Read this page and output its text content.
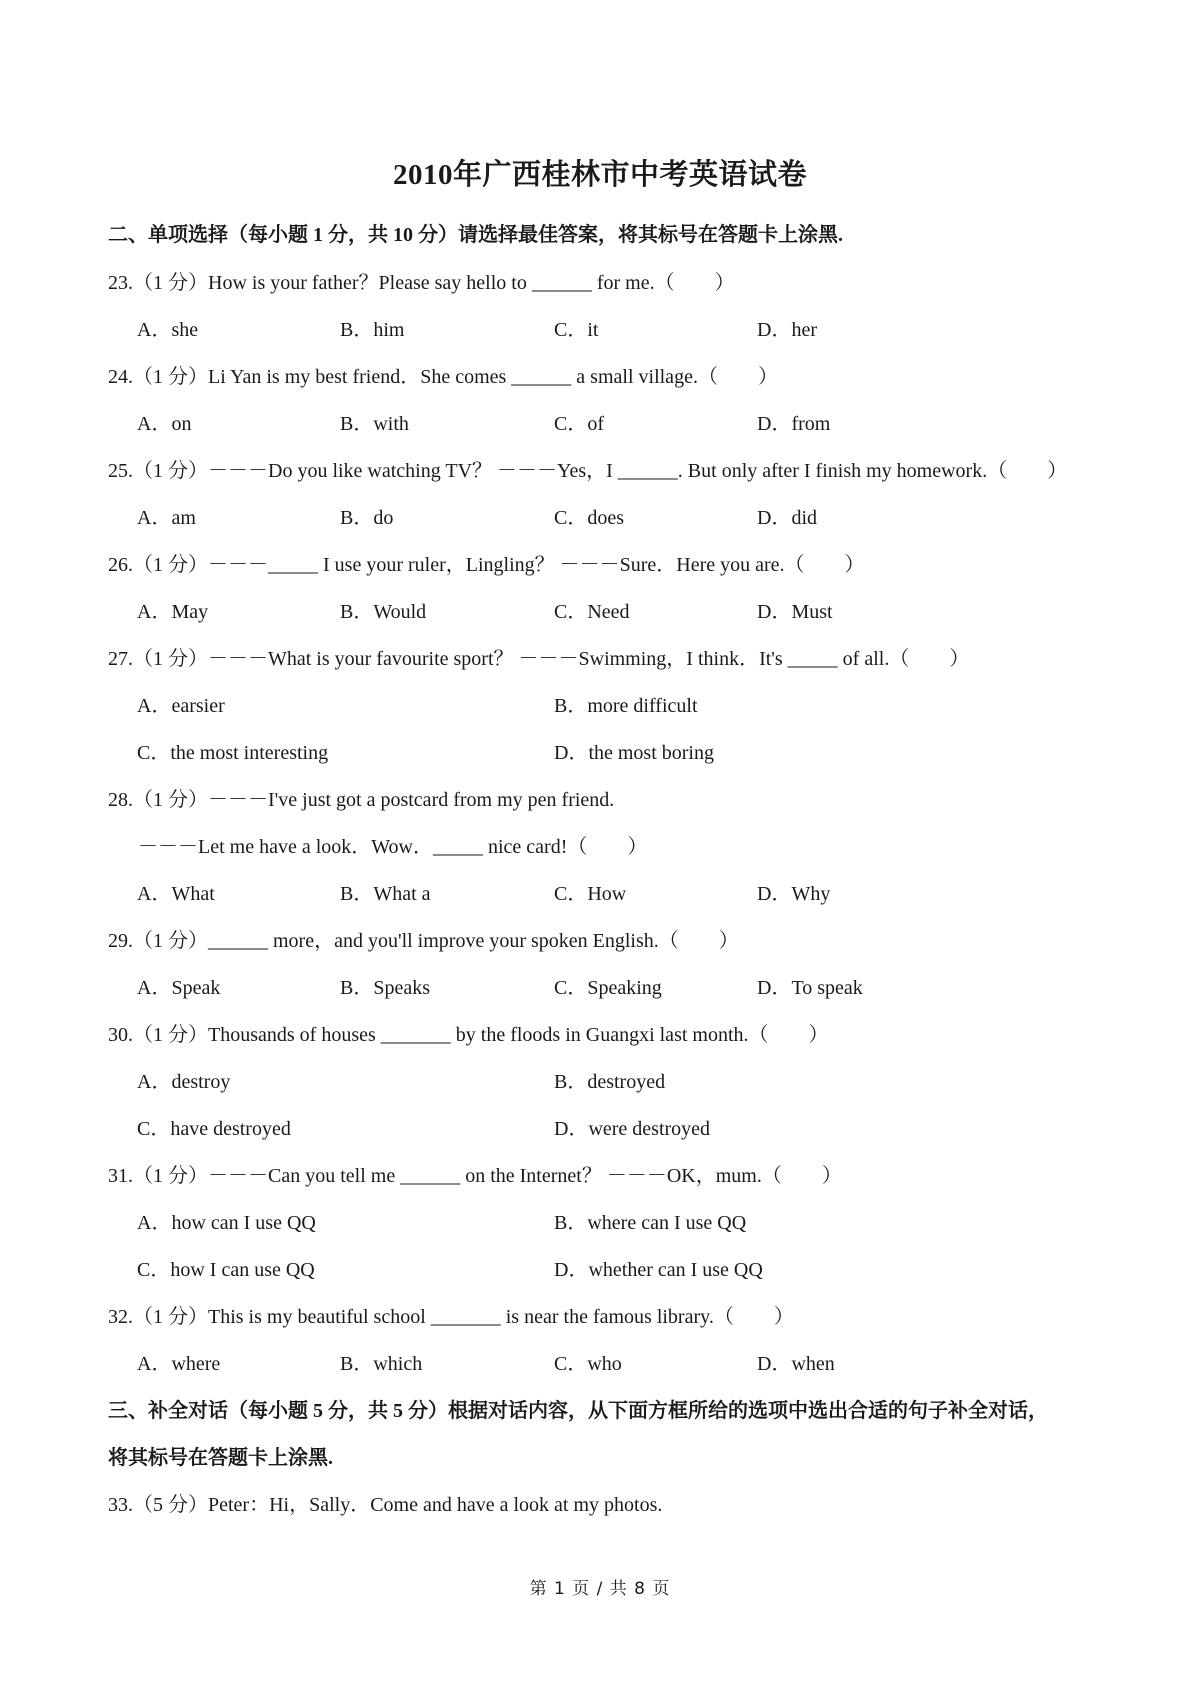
2010年广西桂林市中考英语试卷
二、单项选择（每小题 1 分，共 10 分）请选择最佳答案，将其标号在答题卡上涂黑.
23.（1 分）How is your father？Please say hello to ______ for me.（　　）
A．she	B．him	C．it	D．her
24.（1 分）Li Yan is my best friend．She comes ______ a small village.（　　）
A．on	B．with	C．of	D．from
25.（1 分）－－－Do you like watching TV？ －－－Yes，I ______. But only after I finish my homework.（　　）
A．am	B．do	C．does	D．did
26.（1 分）－－－_____ I use your ruler，Lingling？ －－－Sure．Here you are.（　　）
A．May	B．Would	C．Need	D．Must
27.（1 分）－－－What is your favourite sport？ －－－Swimming，I think．It's _____ of all.（　　）
A．earsier	B．more difficult
C．the most interesting	D．the most boring
28.（1 分）－－－I've just got a postcard from my pen friend.
－－－Let me have a look．Wow．_____ nice card!（　　）
A．What	B．What a	C．How	D．Why
29.（1 分）______ more，and you'll improve your spoken English.（　　）
A．Speak	B．Speaks	C．Speaking	D．To speak
30.（1 分）Thousands of houses _______ by the floods in Guangxi last month.（　　）
A．destroy	B．destroyed
C．have destroyed	D．were destroyed
31.（1 分）－－－Can you tell me ______ on the Internet？ －－－OK，mum.（　　）
A．how can I use QQ	B．where can I use QQ
C．how I can use QQ	D．whether can I use QQ
32.（1 分）This is my beautiful school _______ is near the famous library.（　　）
A．where	B．which	C．who	D．when
三、补全对话（每小题 5 分，共 5 分）根据对话内容，从下面方框所给的选项中选出合适的句子补全对话，
将其标号在答题卡上涂黑.
33.（5 分）Peter：Hi，Sally．Come and have a look at my photos.
第 1 页 / 共 8 页
